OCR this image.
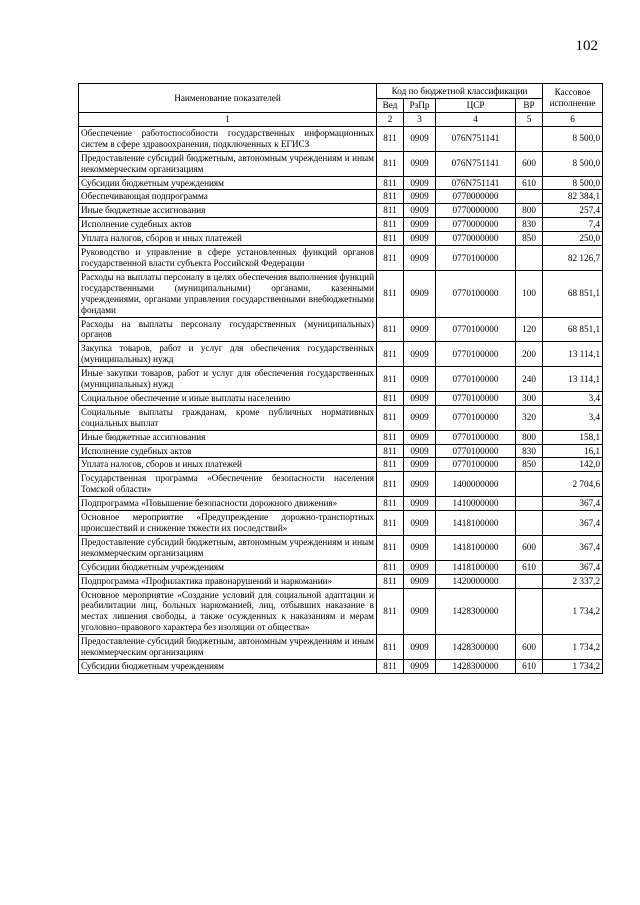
102
Наименование показателей	Код по бюджетной классификации				Кассовое исполнение
	Вед	РзПр	ЦСР	ВР	
1	2	3	4	5	6
Обеспечение работоспособности государственных информационных систем в сфере здравоохранения, подключенных к ЕГИСЗ	811	0909	076N751141		8 500,0
Предоставление субсидий бюджетным, автономным учреждениям и иным некоммерческим организациям	811	0909	076N751141	600	8 500,0
Субсидии бюджетным учреждениям	811	0909	076N751141	610	8 500,0
Обеспечивающая подпрограмма	811	0909	0770000000		82 384,1
Иные бюджетные ассигнования	811	0909	0770000000	800	257,4
Исполнение судебных актов	811	0909	0770000000	830	7,4
Уплата налогов, сборов и иных платежей	811	0909	0770000000	850	250,0
Руководство и управление в сфере установленных функций органов государственной власти субъекта Российской Федерации	811	0909	0770100000		82 126,7
Расходы на выплаты персоналу в целях обеспечения выполнения функций государственными (муниципальными) органами, казенными учреждениями, органами управления государственными внебюджетными фондами	811	0909	0770100000	100	68 851,1
Расходы на выплаты персоналу государственных (муниципальных) органов	811	0909	0770100000	120	68 851,1
Закупка товаров, работ и услуг для обеспечения государственных (муниципальных) нужд	811	0909	0770100000	200	13 114,1
Иные закупки товаров, работ и услуг для обеспечения государственных (муниципальных) нужд	811	0909	0770100000	240	13 114,1
Социальное обеспечение и иные выплаты населению	811	0909	0770100000	300	3,4
Социальные выплаты гражданам, кроме публичных нормативных социальных выплат	811	0909	0770100000	320	3,4
Иные бюджетные ассигнования	811	0909	0770100000	800	158,1
Исполнение судебных актов	811	0909	0770100000	830	16,1
Уплата налогов, сборов и иных платежей	811	0909	0770100000	850	142,0
Государственная программа «Обеспечение безопасности населения Томской области»	811	0909	1400000000		2 704,6
Подпрограмма «Повышение безопасности дорожного движения»	811	0909	1410000000		367,4
Основное мероприятие «Предупреждение дорожно-транспортных происшествий и снижение тяжести их последствий»	811	0909	1418100000		367,4
Предоставление субсидий бюджетным, автономным учреждениям и иным некоммерческим организациям	811	0909	1418100000	600	367,4
Субсидии бюджетным учреждениям	811	0909	1418100000	610	367,4
Подпрограмма «Профилактика правонарушений и наркомании»	811	0909	1420000000		2 337,2
Основное мероприятие «Создание условий для социальной адаптации и реабилитации лиц, больных наркоманией, лиц, отбывших наказание в местах лишения свободы, а также осужденных к наказаниям и мерам уголовно–правового характера без изоляции от общества»	811	0909	1428300000		1 734,2
Предоставление субсидий бюджетным, автономным учреждениям и иным некоммерческим организациям	811	0909	1428300000	600	1 734,2
Субсидии бюджетным учреждениям	811	0909	1428300000	610	1 734,2
